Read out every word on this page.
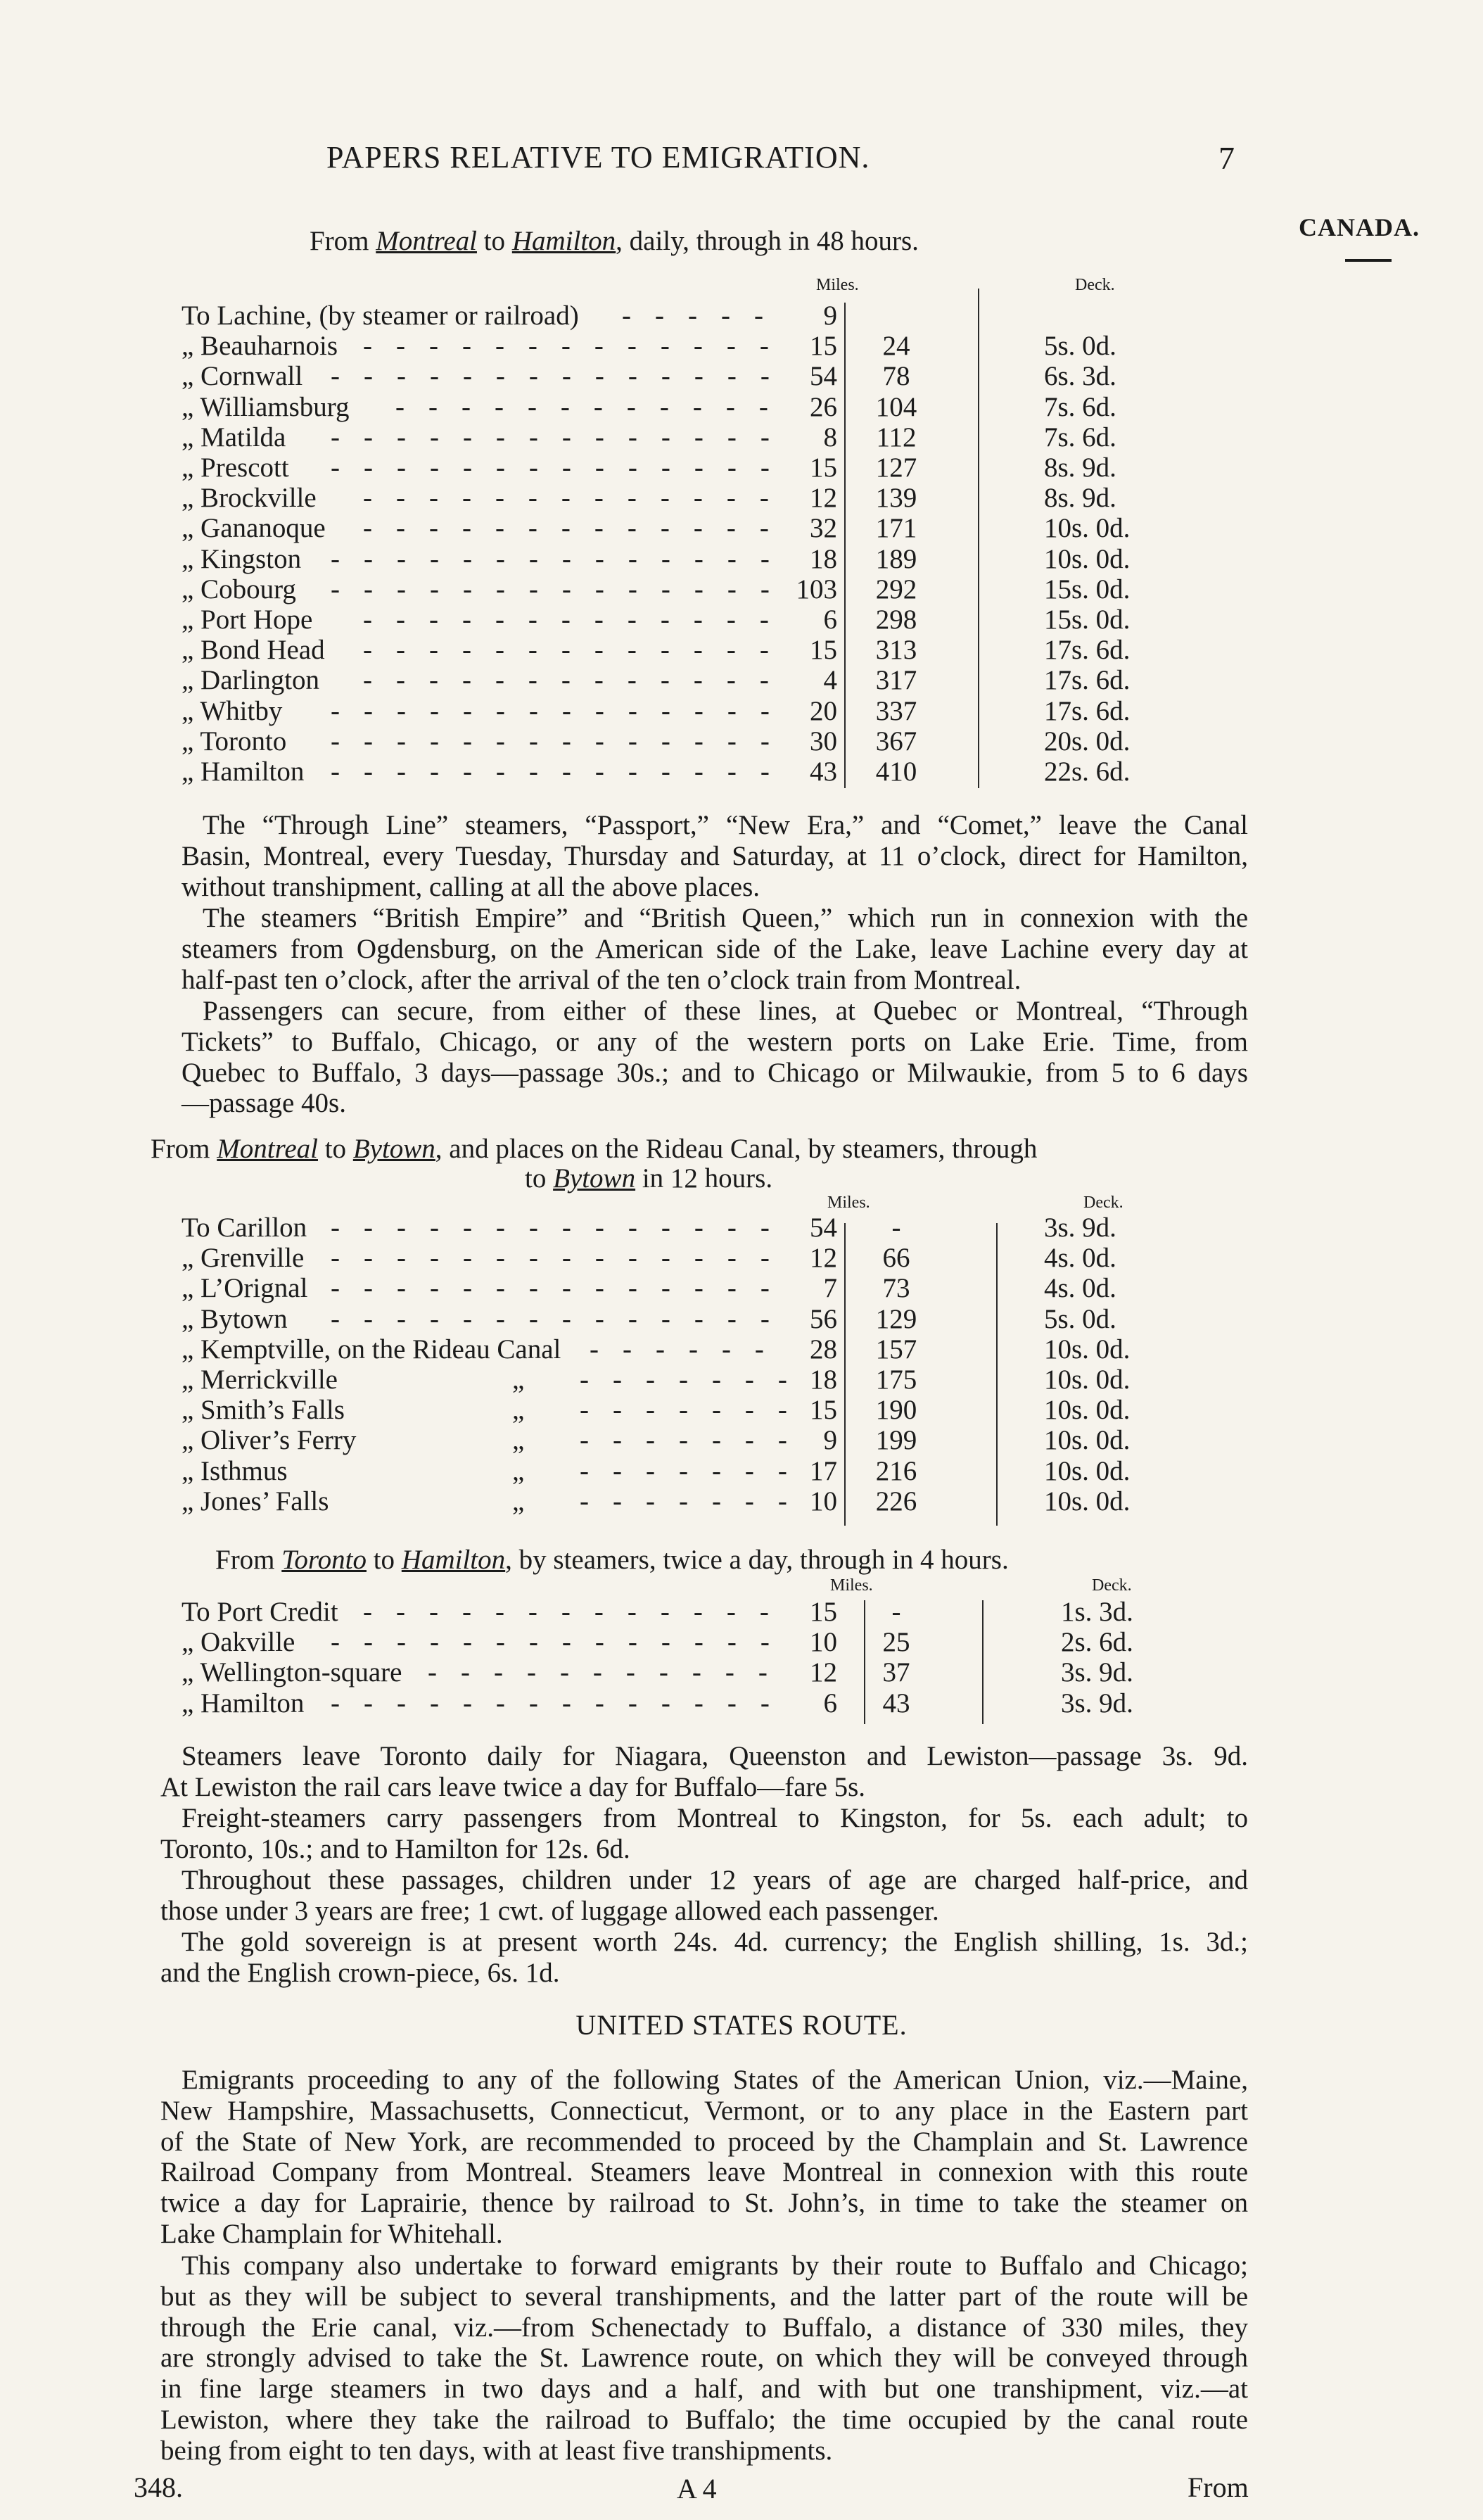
PAPERS RELATIVE TO EMIGRATION.	7
CANADA.
From Montreal to Hamilton, daily, through in 48 hours.
Miles.	Deck.
To Lachine, (by steamer or railroad)	9
-----
„ Beauharnois	15	24	5s. 0d.
-------------
„ Cornwall	54	78	6s. 3d.
--------------
„ Williamsburg	26	104	7s. 6d.
------------
„ Matilda	8	112	7s. 6d.
--------------
„ Prescott	15	127	8s. 9d.
--------------
„ Brockville	12	139	8s. 9d.
-------------
„ Gananoque	32	171	10s. 0d.
-------------
„ Kingston	18	189	10s. 0d.
--------------
„ Cobourg	103	292	15s. 0d.
--------------
„ Port Hope	6	298	15s. 0d.
-------------
„ Bond Head	15	313	17s. 6d.
-------------
„ Darlington	4	317	17s. 6d.
-------------
„ Whitby	20	337	17s. 6d.
--------------
„ Toronto	30	367	20s. 0d.
--------------
„ Hamilton	43	410	22s. 6d.
--------------
The “Through Line” steamers, “Passport,” “New Era,” and “Comet,” leave the Canal
Basin, Montreal, every Tuesday, Thursday and Saturday, at 11 o’clock, direct for Hamilton,
without transhipment, calling at all the above places.
The steamers “British Empire” and “British Queen,” which run in connexion with the
steamers from Ogdensburg, on the American side of the Lake, leave Lachine every day at
half-past ten o’clock, after the arrival of the ten o’clock train from Montreal.
Passengers can secure, from either of these lines, at Quebec or Montreal, “Through
Tickets” to Buffalo, Chicago, or any of the western ports on Lake Erie. Time, from
Quebec to Buffalo, 3 days—passage 30s.; and to Chicago or Milwaukie, from 5 to 6 days
—passage 40s.
From Montreal to Bytown, and places on the Rideau Canal, by steamers, through
to Bytown in 12 hours.
Miles.	Deck.
To Carillon	54	-	3s. 9d.
--------------
„ Grenville	12	66	4s. 0d.
--------------
„ L’Orignal	7	73	4s. 0d.
--------------
„ Bytown	56	129	5s. 0d.
--------------
„ Kemptville, on the Rideau Canal	28	157	10s. 0d.
------
„ Merrickville	„	18	175	10s. 0d.
-------
„ Smith’s Falls	„	15	190	10s. 0d.
-------
„ Oliver’s Ferry	„	9	199	10s. 0d.
-------
„ Isthmus	„	17	216	10s. 0d.
-------
„ Jones’ Falls	„	10	226	10s. 0d.
-------
From Toronto to Hamilton, by steamers, twice a day, through in 4 hours.
Miles.	Deck.
To Port Credit	15	-	1s. 3d.
-------------
„ Oakville	10	25	2s. 6d.
--------------
„ Wellington-square	12	37	3s. 9d.
-----------
„ Hamilton	6	43	3s. 9d.
--------------
Steamers leave Toronto daily for Niagara, Queenston and Lewiston—passage 3s. 9d.
At Lewiston the rail cars leave twice a day for Buffalo—fare 5s.
Freight-steamers carry passengers from Montreal to Kingston, for 5s. each adult; to
Toronto, 10s.; and to Hamilton for 12s. 6d.
Throughout these passages, children under 12 years of age are charged half-price, and
those under 3 years are free; 1 cwt. of luggage allowed each passenger.
The gold sovereign is at present worth 24s. 4d. currency; the English shilling, 1s. 3d.;
and the English crown-piece, 6s. 1d.
UNITED STATES ROUTE.
Emigrants proceeding to any of the following States of the American Union, viz.—Maine,
New Hampshire, Massachusetts, Connecticut, Vermont, or to any place in the Eastern part
of the State of New York, are recommended to proceed by the Champlain and St. Lawrence
Railroad Company from Montreal. Steamers leave Montreal in connexion with this route
twice a day for Laprairie, thence by railroad to St. John’s, in time to take the steamer on
Lake Champlain for Whitehall.
This company also undertake to forward emigrants by their route to Buffalo and Chicago;
but as they will be subject to several transhipments, and the latter part of the route will be
through the Erie canal, viz.—from Schenectady to Buffalo, a distance of 330 miles, they
are strongly advised to take the St. Lawrence route, on which they will be conveyed through
in fine large steamers in two days and a half, and with but one transhipment, viz.—at
Lewiston, where they take the railroad to Buffalo; the time occupied by the canal route
being from eight to ten days, with at least five transhipments.
348.	A 4	From
